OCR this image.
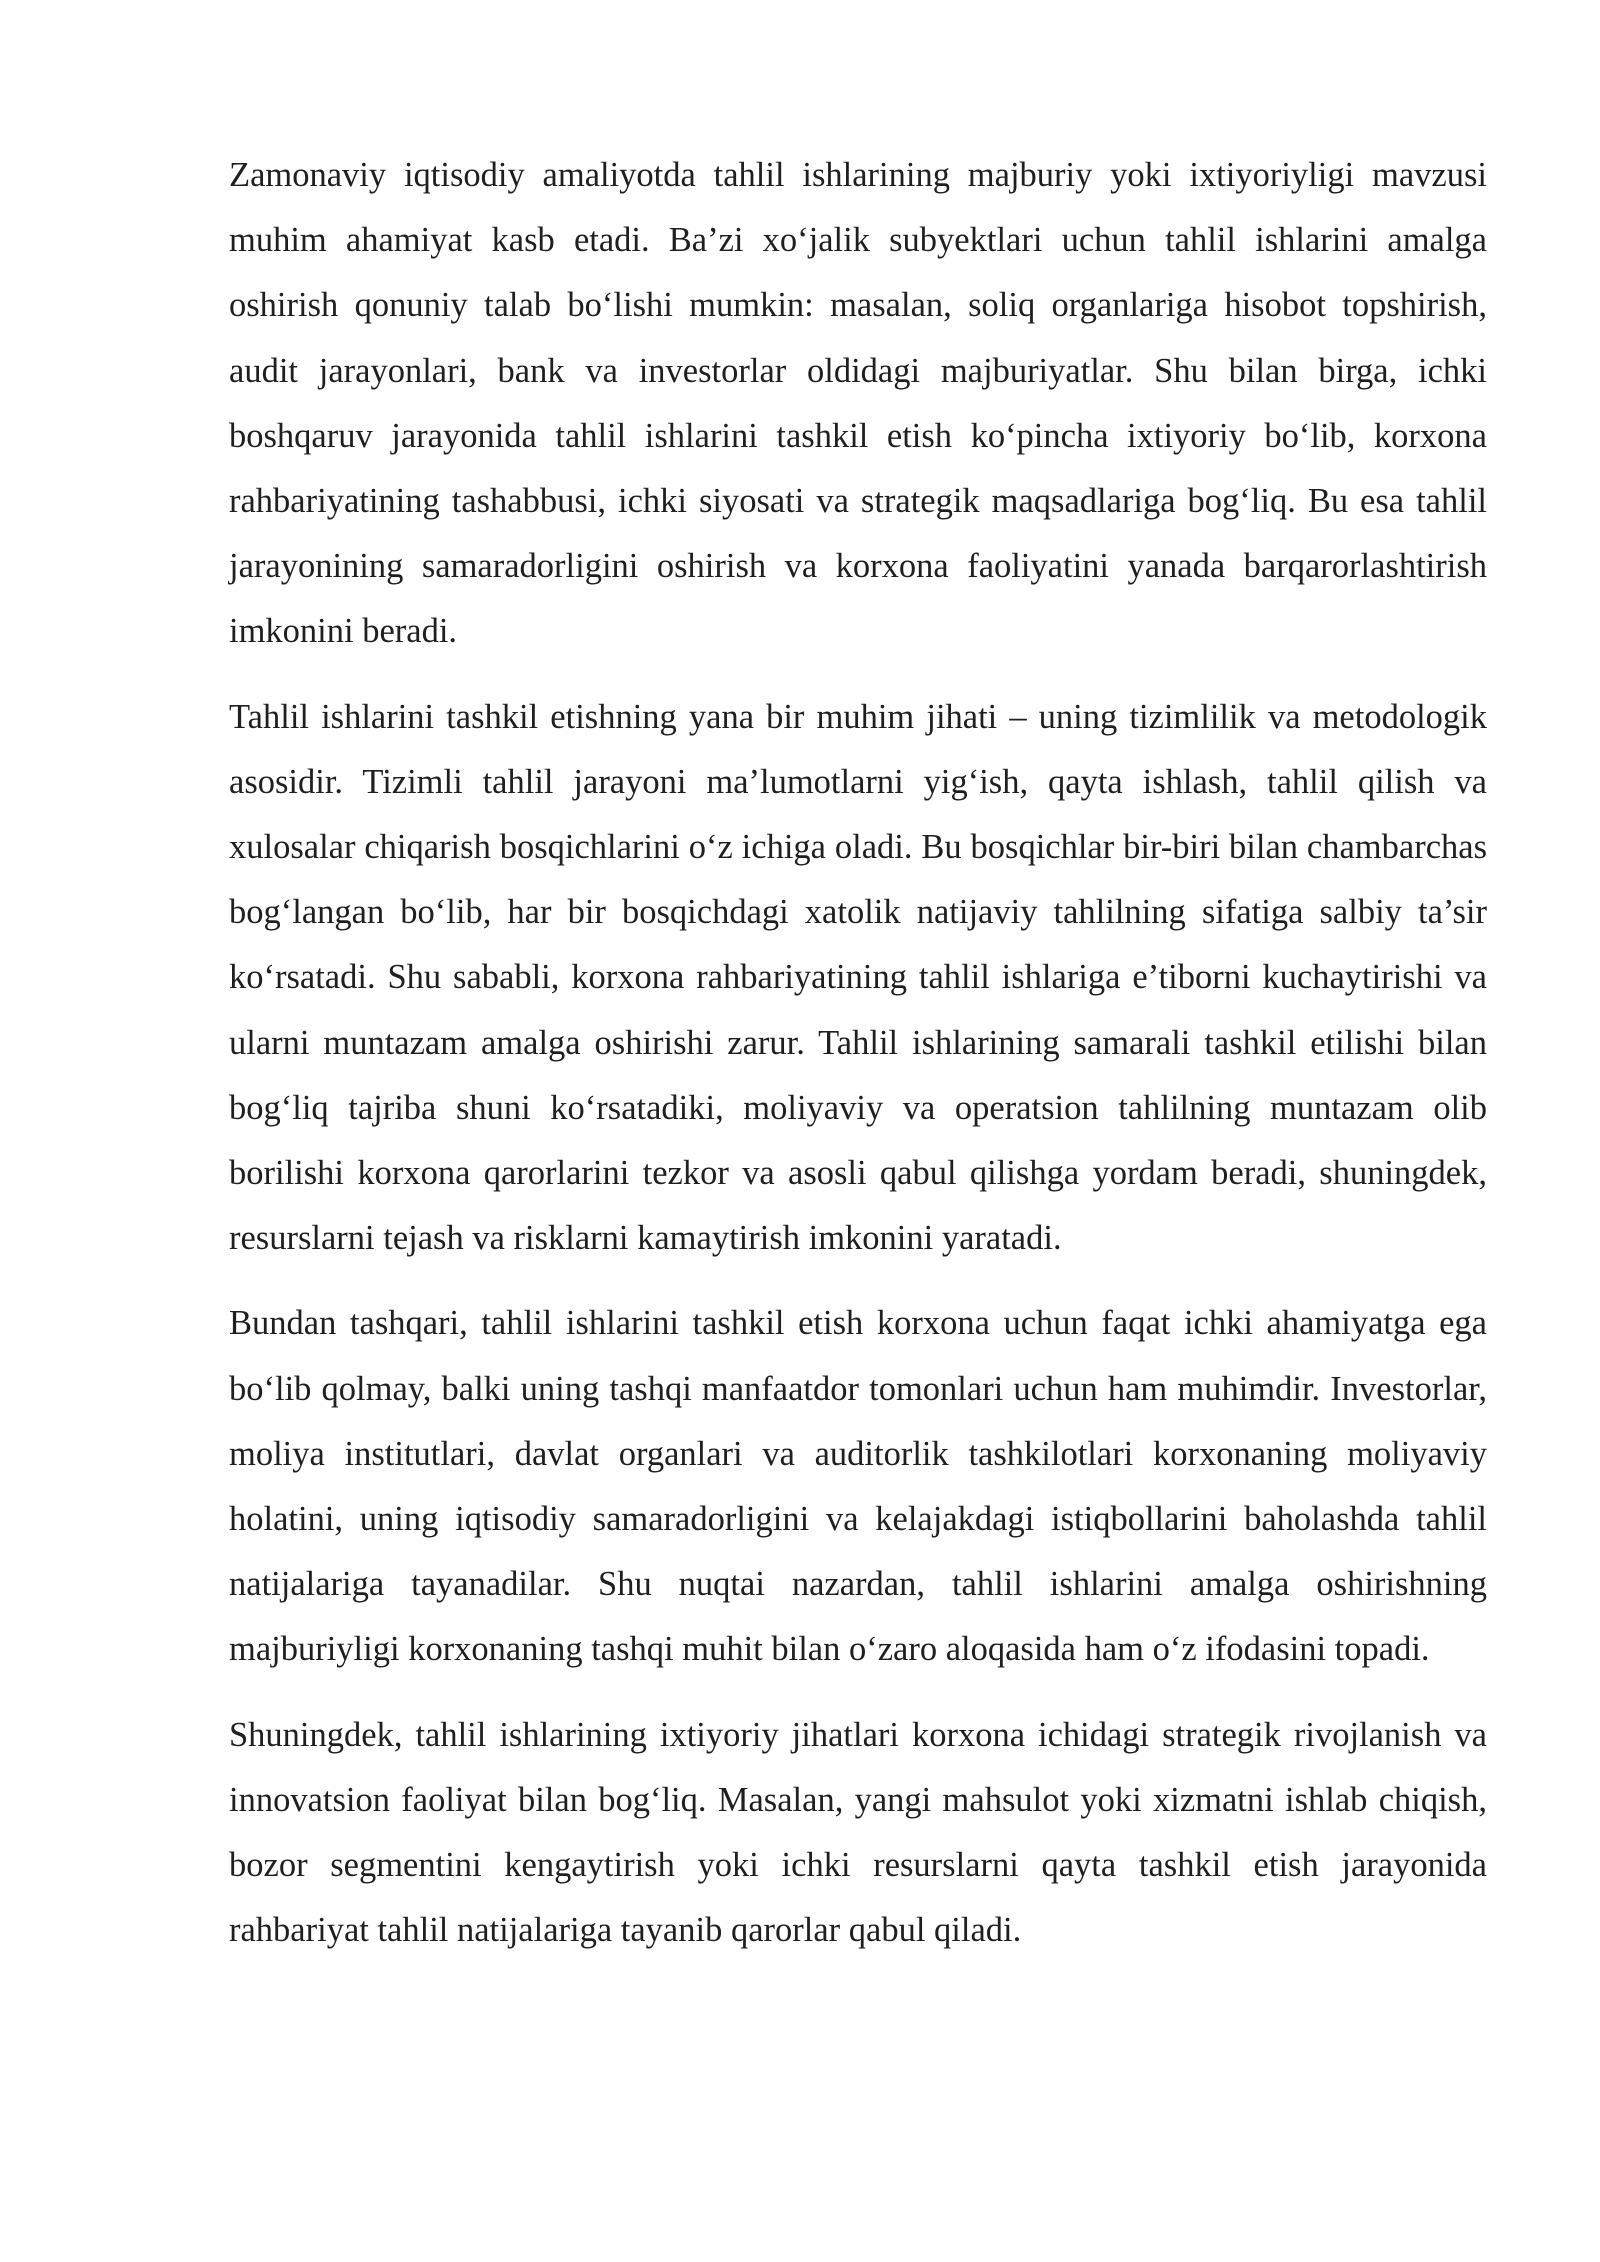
Zamonaviy iqtisodiy amaliyotda tahlil ishlarining majburiy yoki ixtiyoriyligi mavzusi muhim ahamiyat kasb etadi. Ba’zi xo‘jalik subyektlari uchun tahlil ishlarini amalga oshirish qonuniy talab bo‘lishi mumkin: masalan, soliq organlariga hisobot topshirish, audit jarayonlari, bank va investorlar oldidagi majburiyatlar. Shu bilan birga, ichki boshqaruv jarayonida tahlil ishlarini tashkil etish ko‘pincha ixtiyoriy bo‘lib, korxona rahbariyatining tashabbusi, ichki siyosati va strategik maqsadlariga bog‘liq. Bu esa tahlil jarayonining samaradorligini oshirish va korxona faoliyatini yanada barqarorlashtirish imkonini beradi.

Tahlil ishlarini tashkil etishning yana bir muhim jihati – uning tizimlilik va metodologik asosidir. Tizimli tahlil jarayoni ma’lumotlarni yig‘ish, qayta ishlash, tahlil qilish va xulosalar chiqarish bosqichlarini o‘z ichiga oladi. Bu bosqichlar bir-biri bilan chambarchas bog‘langan bo‘lib, har bir bosqichdagi xatolik natijaviy tahlilning sifatiga salbiy ta’sir ko‘rsatadi. Shu sababli, korxona rahbariyatining tahlil ishlariga e’tiborni kuchaytirishi va ularni muntazam amalga oshirishi zarur. Tahlil ishlarining samarali tashkil etilishi bilan bog‘liq tajriba shuni ko‘rsatadiki, moliyaviy va operatsion tahlilning muntazam olib borilishi korxona qarorlarini tezkor va asosli qabul qilishga yordam beradi, shuningdek, resurslarni tejash va risklarni kamaytirish imkonini yaratadi.

Bundan tashqari, tahlil ishlarini tashkil etish korxona uchun faqat ichki ahamiyatga ega bo‘lib qolmay, balki uning tashqi manfaatdor tomonlari uchun ham muhimdir. Investorlar, moliya institutlari, davlat organlari va auditorlik tashkilotlari korxonaning moliyaviy holatini, uning iqtisodiy samaradorligini va kelajakdagi istiqbollarini baholashda tahlil natijalariga tayanadilar. Shu nuqtai nazardan, tahlil ishlarini amalga oshirishning majburiyligi korxonaning tashqi muhit bilan o‘zaro aloqasida ham o‘z ifodasini topadi.

Shuningdek, tahlil ishlarining ixtiyoriy jihatlari korxona ichidagi strategik rivojlanish va innovatsion faoliyat bilan bog‘liq. Masalan, yangi mahsulot yoki xizmatni ishlab chiqish, bozor segmentini kengaytirish yoki ichki resurslarni qayta tashkil etish jarayonida rahbariyat tahlil natijalariga tayanib qarorlar qabul qiladi.
